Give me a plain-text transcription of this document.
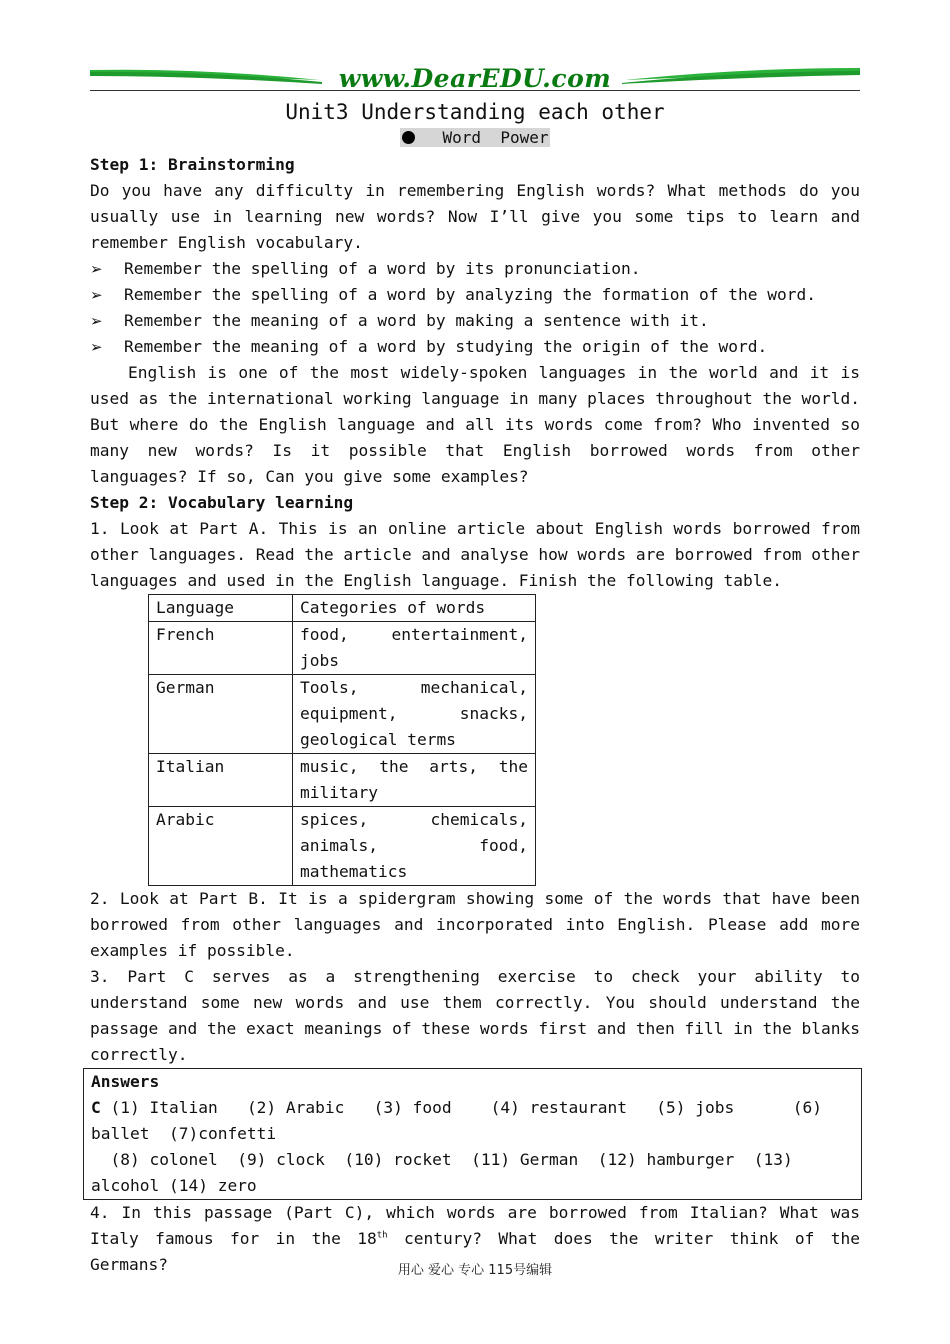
www.DearEDU.com
Unit3 Understanding each other
Word  Power

Step 1: Brainstorming

Do you have any difficulty in remembering English words? What methods do you usually use in learning new words? Now I’ll give you some tips to learn and remember English vocabulary.

➢	Remember the spelling of a word by its pronunciation.
➢	Remember the spelling of a word by analyzing the formation of the word.
➢	Remember the meaning of a word by making a sentence with it.
➢	Remember the meaning of a word by studying the origin of the word.

English is one of the most widely-spoken languages in the world and it is used as the international working language in many places throughout the world. But where do the English language and all its words come from? Who invented so many new words? Is it possible that English borrowed words from other languages? If so, Can you give some examples?

Step 2: Vocabulary learning

1. Look at Part A. This is an online article about English words borrowed from other languages. Read the article and analyse how words are borrowed from other languages and used in the English language. Finish the following table.

Language	Categories of words
French	food, entertainment, jobs
German	Tools, mechanical, equipment, snacks, geological terms
Italian	music, the arts, the military
Arabic	spices, chemicals, animals, food, mathematics

2. Look at Part B. It is a spidergram showing some of the words that have been borrowed from other languages and incorporated into English. Please add more examples if possible.

3. Part C serves as a strengthening exercise to check your ability to understand some new words and use them correctly. You should understand the passage and the exact meanings of these words first and then fill in the blanks correctly.

Answers

C (1) Italian   (2) Arabic   (3) food    (4) restaurant   (5) jobs      (6) ballet  (7)confetti

(8) colonel  (9) clock  (10) rocket  (11) German  (12) hamburger  (13) alcohol (14) zero

4. In this passage (Part C), which words are borrowed from Italian? What was Italy famous for in the 18th century? What does the writer think of the Germans?	用心 爱心 专心 115号编辑
